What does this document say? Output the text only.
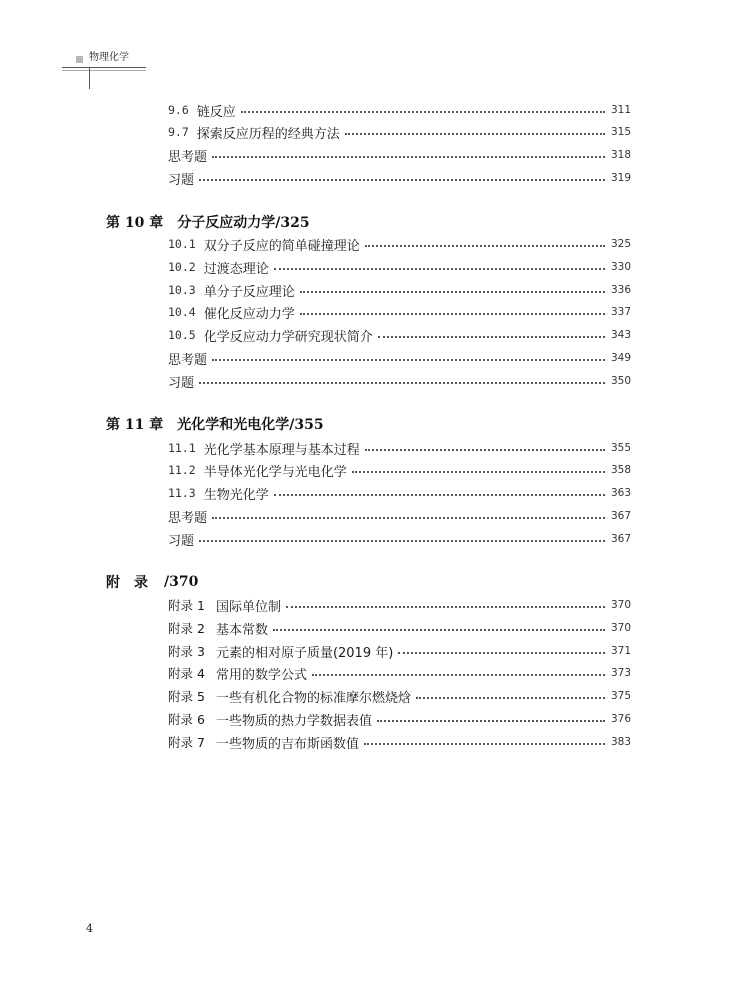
物理化学
9.6 链反应	311
9.7 探索反应历程的经典方法	315
思考题	318
习题	319
第 10 章 分子反应动力学/325
10.1 双分子反应的简单碰撞理论	325
10.2 过渡态理论	330
10.3 单分子反应理论	336
10.4 催化反应动力学	337
10.5 化学反应动力学研究现状简介	343
思考题	349
习题	350
第 11 章 光化学和光电化学/355
11.1 光化学基本原理与基本过程	355
11.2 半导体光化学与光电化学	358
11.3 生物光化学	363
思考题	367
习题	367
附　录	/370
附录 1 国际单位制	370
附录 2 基本常数	370
附录 3 元素的相对原子质量(2019 年)	371
附录 4 常用的数学公式	373
附录 5 一些有机化合物的标准摩尔燃烧焓	375
附录 6 一些物质的热力学数据表值	376
附录 7 一些物质的吉布斯函数值	383
4
